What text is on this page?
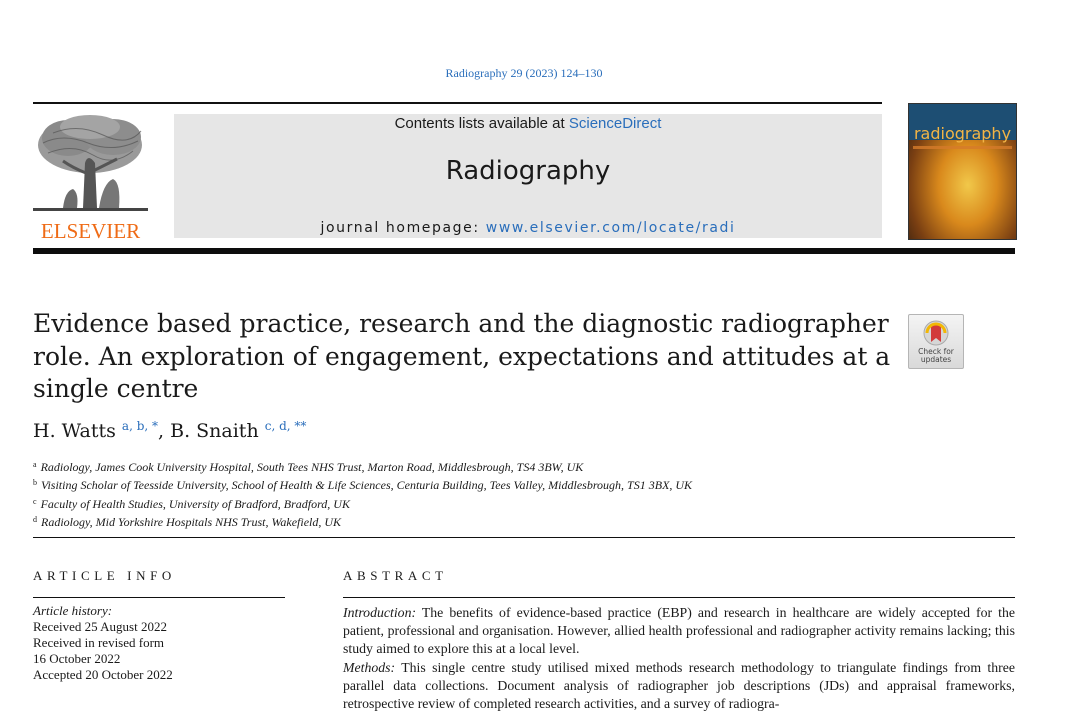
Radiography 29 (2023) 124–130
ELSEVIER
Contents lists available at ScienceDirect
Radiography
journal homepage: www.elsevier.com/locate/radi
radiography
Evidence based practice, research and the diagnostic radiographer role. An exploration of engagement, expectations and attitudes at a single centre
Check for
updates
H. Watts $^{a, b, *}$, B. Snaith $^{c, d, **}$
$^a$ Radiology, James Cook University Hospital, South Tees NHS Trust, Marton Road, Middlesbrough, TS4 3BW, UK
$^b$ Visiting Scholar of Teesside University, School of Health & Life Sciences, Centuria Building, Tees Valley, Middlesbrough, TS1 3BX, UK
$^c$ Faculty of Health Studies, University of Bradford, Bradford, UK
$^d$ Radiology, Mid Yorkshire Hospitals NHS Trust, Wakefield, UK
ARTICLE INFO	ABSTRACT
Article history:
Received 25 August 2022
Received in revised form
16 October 2022
Accepted 20 October 2022

Introduction: The benefits of evidence-based practice (EBP) and research in healthcare are widely accepted for the patient, professional and organisation. However, allied health professional and radiographer activity remains lacking; this study aimed to explore this at a local level.
Methods: This single centre study utilised mixed methods research methodology to triangulate findings from three parallel data collections. Document analysis of radiographer job descriptions (JDs) and appraisal frameworks, retrospective review of completed research activities, and a survey of radiogra-
